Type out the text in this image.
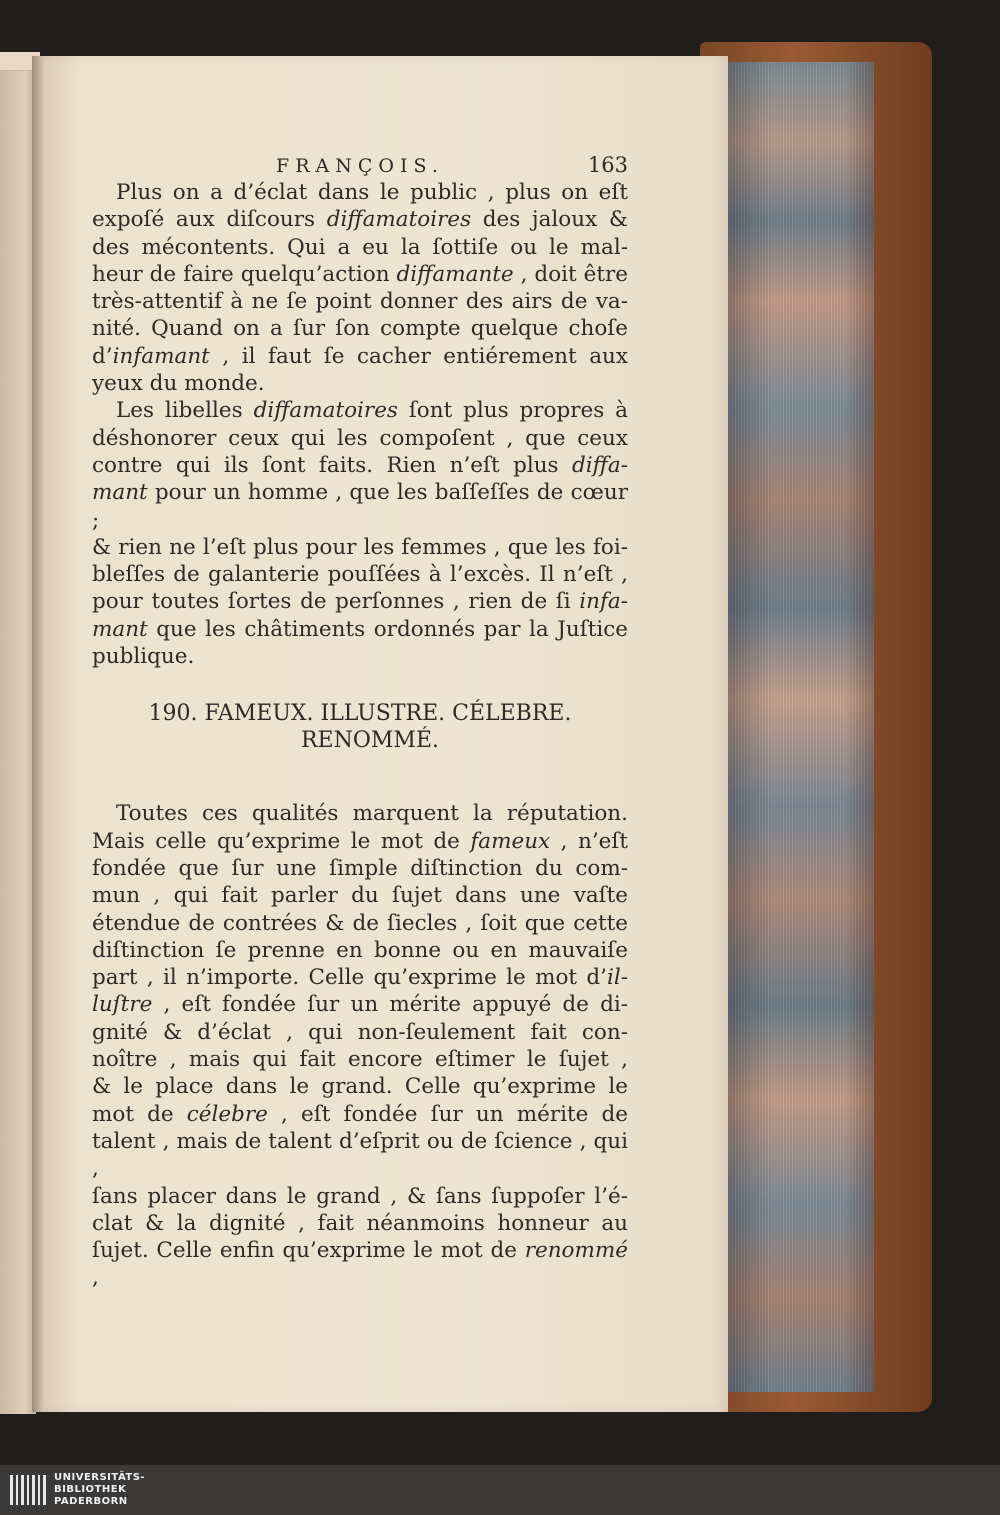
FRANÇOIS.	163

Plus on a d’éclat dans le public , plus on eſt
expoſé aux diſcours diffamatoires des jaloux &
des mécontents. Qui a eu la ſottiſe ou le mal-
heur de faire quelqu’action diffamante , doit être
très-attentif à ne ſe point donner des airs de va-
nité. Quand on a ſur ſon compte quelque choſe
d’infamant , il faut ſe cacher entiérement aux
yeux du monde.

Les libelles diffamatoires ſont plus propres à
déshonorer ceux qui les compoſent , que ceux
contre qui ils ſont faits. Rien n’eſt plus diffa-
mant pour un homme , que les baſſeſſes de cœur ;
& rien ne l’eſt plus pour les femmes , que les foi-
bleſſes de galanterie pouſſées à l’excès. Il n’eſt ,
pour toutes ſortes de perſonnes , rien de ſi infa-
mant que les châtiments ordonnés par la Juſtice
publique.

190. FAMEUX. ILLUSTRE. CÉLEBRE.
RENOMMÉ.

Toutes ces qualités marquent la réputation.
Mais celle qu’exprime le mot de fameux , n’eſt
fondée que ſur une ſimple diſtinction du com-
mun , qui fait parler du ſujet dans une vaſte
étendue de contrées & de ſiecles , ſoit que cette
diſtinction ſe prenne en bonne ou en mauvaiſe
part , il n’importe. Celle qu’exprime le mot d’il-
luſtre , eſt fondée ſur un mérite appuyé de di-
gnité & d’éclat , qui non-ſeulement fait con-
noître , mais qui fait encore eſtimer le ſujet ,
& le place dans le grand. Celle qu’exprime le
mot de célebre , eſt fondée ſur un mérite de
talent , mais de talent d’eſprit ou de ſcience , qui ,
ſans placer dans le grand , & ſans ſuppoſer l’é-
clat & la dignité , fait néanmoins honneur au
ſujet. Celle enfin qu’exprime le mot de renommé ,

UNIVERSITÄTS-
BIBLIOTHEK
PADERBORN
